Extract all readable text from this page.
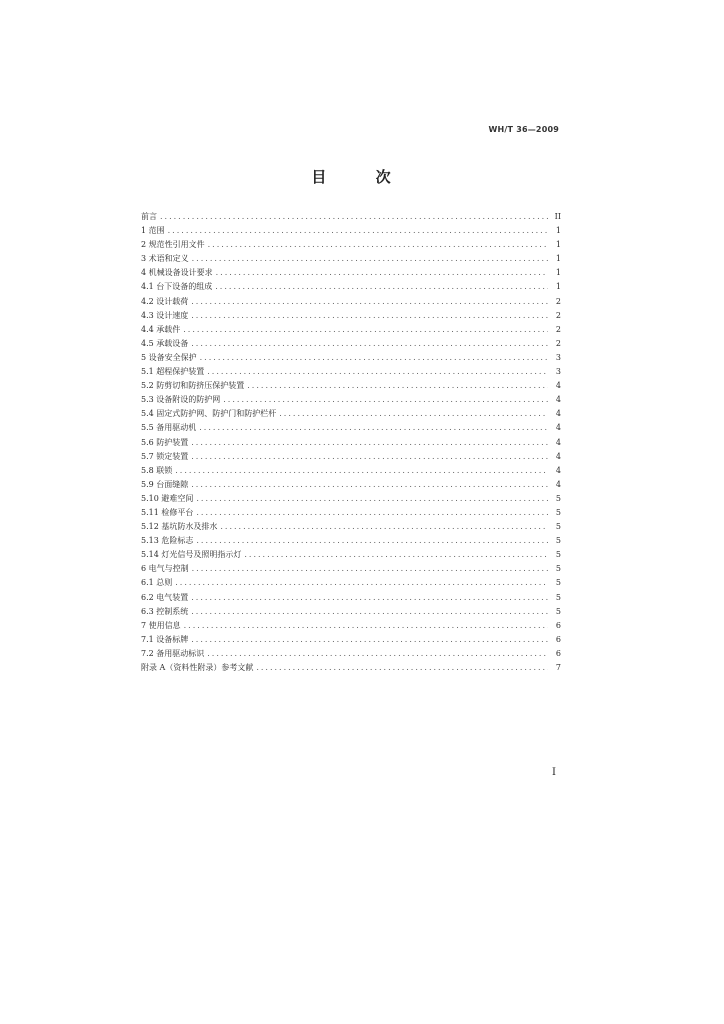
WH/T 36—2009
目 次
前言 .....	II
1 范围 .....	1
2 规范性引用文件 .....	1
3 术语和定义 .....	1
4 机械设备设计要求 .....	1
4.1 台下设备的组成 .....	1
4.2 设计载荷 .....	2
4.3 设计速度 .....	2
4.4 承载件 .....	2
4.5 承载设备 .....	2
5 设备安全保护 .....	3
5.1 超程保护装置 .....	3
5.2 防剪切和防挤压保护装置 .....	4
5.3 设备附设的防护网 .....	4
5.4 固定式防护网、防护门和防护栏杆 .....	4
5.5 备用驱动机 .....	4
5.6 防护装置 .....	4
5.7 锁定装置 .....	4
5.8 联锁 .....	4
5.9 台面缝隙 .....	4
5.10 避难空间 .....	5
5.11 检修平台 .....	5
5.12 基坑防水及排水 .....	5
5.13 危险标志 .....	5
5.14 灯光信号及照明指示灯 .....	5
6 电气与控制 .....	5
6.1 总则 .....	5
6.2 电气装置 .....	5
6.3 控制系统 .....	5
7 使用信息 .....	6
7.1 设备标牌 .....	6
7.2 备用驱动标识 .....	6
附录 A（资料性附录）参考文献 .....	7
I
